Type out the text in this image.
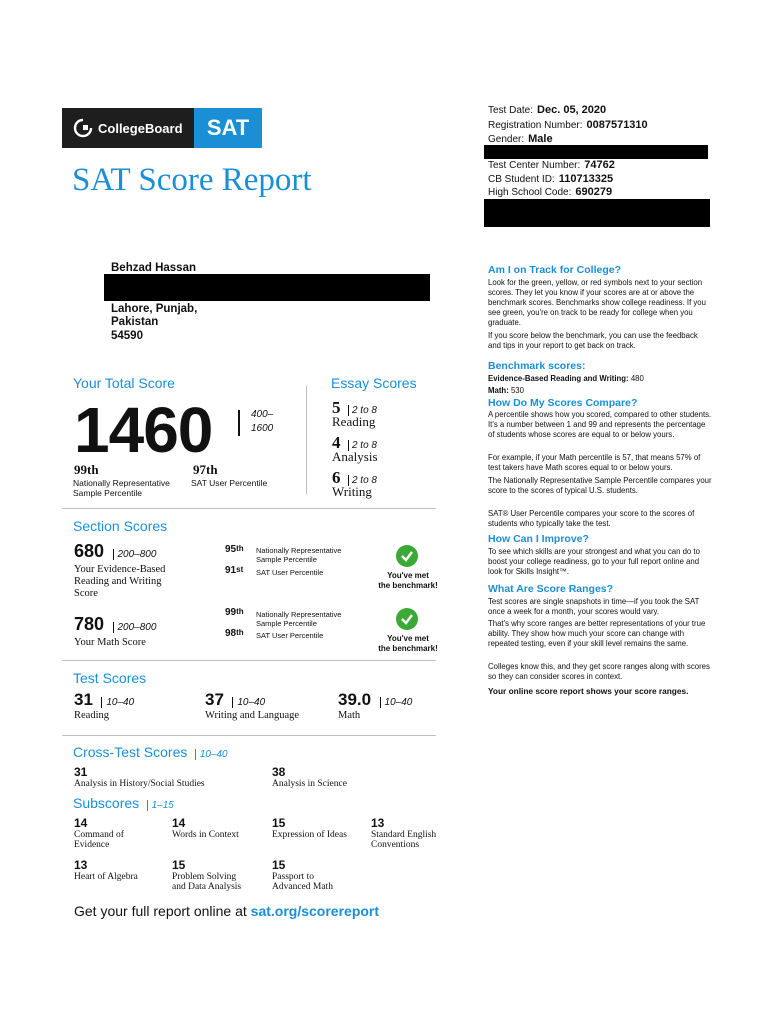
CollegeBoard	SAT
SAT Score Report
Test Date: Dec. 05, 2020
Registration Number: 0087571310
Gender: Male
Test Center Number: 74762
CB Student ID: 110713325
High School Code: 690279
Behzad Hassan
Lahore, Punjab,
Pakistan
54590
Your Total Score
1460	400–
1600
99th
Nationally Representative
Sample Percentile
97th
SAT User Percentile
Essay Scores
5 2 to 8
Reading
4 2 to 8
Analysis
6 2 to 8
Writing
Section Scores
680 200–800
Your Evidence-Based
Reading and Writing
Score
95th Nationally Representative
Sample Percentile
91st SAT User Percentile	You've met
the benchmark!
780 200–800
Your Math Score
99th Nationally Representative
Sample Percentile
98th SAT User Percentile	You've met
the benchmark!
Test Scores
31 10–40
Reading
37 10–40
Writing and Language
39.0 10–40
Math
Cross-Test Scores 10–40
31
Analysis in History/Social Studies
38
Analysis in Science
Subscores 1–15
14
Command of
Evidence
14
Words in Context
15
Expression of Ideas
13
Standard English
Conventions
13
Heart of Algebra
15
Problem Solving
and Data Analysis
15
Passport to
Advanced Math
Get your full report online at sat.org/scorereport
Am I on Track for College?
Look for the green, yellow, or red symbols next to your section scores. They let you know if your scores are at or above the benchmark scores. Benchmarks show college readiness. If you see green, you're on track to be ready for college when you graduate.
If you score below the benchmark, you can use the feedback and tips in your report to get back on track.
Benchmark scores:
Evidence-Based Reading and Writing: 480
Math: 530
How Do My Scores Compare?
A percentile shows how you scored, compared to other students. It's a number between 1 and 99 and represents the percentage of students whose scores are equal to or below yours.
For example, if your Math percentile is 57, that means 57% of test takers have Math scores equal to or below yours.
The Nationally Representative Sample Percentile compares your score to the scores of typical U.S. students.
SAT® User Percentile compares your score to the scores of students who typically take the test.
How Can I Improve?
To see which skills are your strongest and what you can do to boost your college readiness, go to your full report online and look for Skills Insight™.
What Are Score Ranges?
Test scores are single snapshots in time—if you took the SAT once a week for a month, your scores would vary.
That's why score ranges are better representations of your true ability. They show how much your score can change with repeated testing, even if your skill level remains the same.
Colleges know this, and they get score ranges along with scores so they can consider scores in context.
Your online score report shows your score ranges.
